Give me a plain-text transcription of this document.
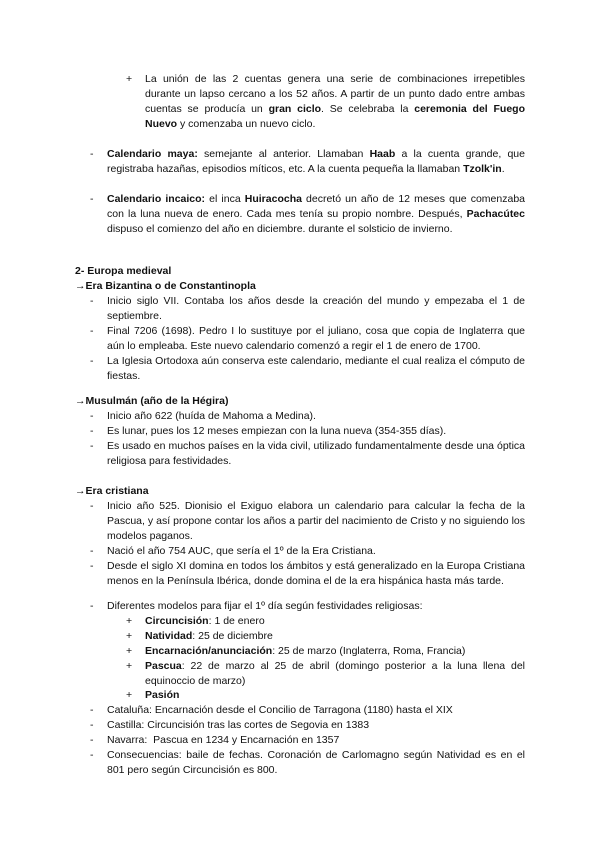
+ La unión de las 2 cuentas genera una serie de combinaciones irrepetibles durante un lapso cercano a los 52 años. A partir de un punto dado entre ambas cuentas se producía un gran ciclo. Se celebraba la ceremonia del Fuego Nuevo y comenzaba un nuevo ciclo.
- Calendario maya: semejante al anterior. Llamaban Haab a la cuenta grande, que registraba hazañas, episodios míticos, etc. A la cuenta pequeña la llamaban Tzolk'in.
- Calendario incaico: el inca Huiracocha decretó un año de 12 meses que comenzaba con la luna nueva de enero. Cada mes tenía su propio nombre. Después, Pachacútec dispuso el comienzo del año en diciembre. durante el solsticio de invierno.
2- Europa medieval
→Era Bizantina o de Constantinopla
- Inicio siglo VII. Contaba los años desde la creación del mundo y empezaba el 1 de septiembre.
- Final 7206 (1698). Pedro I lo sustituye por el juliano, cosa que copia de Inglaterra que aún lo empleaba. Este nuevo calendario comenzó a regir el 1 de enero de 1700.
- La Iglesia Ortodoxa aún conserva este calendario, mediante el cual realiza el cómputo de fiestas.
→Musulmán (año de la Hégira)
- Inicio año 622 (huída de Mahoma a Medina).
- Es lunar, pues los 12 meses empiezan con la luna nueva (354-355 días).
- Es usado en muchos países en la vida civil, utilizado fundamentalmente desde una óptica religiosa para festividades.
→Era cristiana
- Inicio año 525. Dionisio el Exiguo elabora un calendario para calcular la fecha de la Pascua, y así propone contar los años a partir del nacimiento de Cristo y no siguiendo los modelos paganos.
- Nació el año 754 AUC, que sería el 1º de la Era Cristiana.
- Desde el siglo XI domina en todos los ámbitos y está generalizado en la Europa Cristiana menos en la Península Ibérica, donde domina el de la era hispánica hasta más tarde.
- Diferentes modelos para fijar el 1º día según festividades religiosas:
+ Circuncisión: 1 de enero
+ Natividad: 25 de diciembre
+ Encarnación/anunciación: 25 de marzo (Inglaterra, Roma, Francia)
+ Pascua: 22 de marzo al 25 de abril (domingo posterior a la luna llena del equinoccio de marzo)
+ Pasión
- Cataluña: Encarnación desde el Concilio de Tarragona (1180) hasta el XIX
- Castilla: Circuncisión tras las cortes de Segovia en 1383
- Navarra:  Pascua en 1234 y Encarnación en 1357
- Consecuencias: baile de fechas. Coronación de Carlomagno según Natividad es en el 801 pero según Circuncisión es 800.
